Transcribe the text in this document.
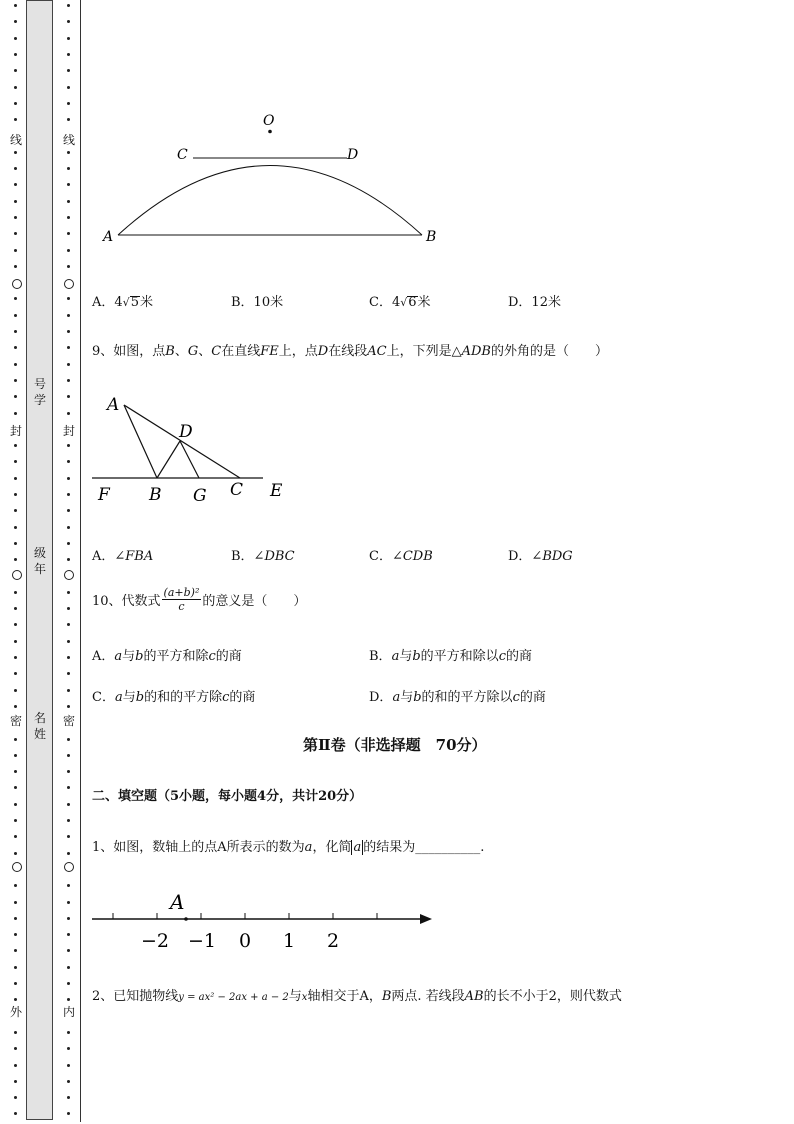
线
封
密
外
线
封
密
内
号学
级年
名姓
O
C	D
A	B
A．4√5米	B．10米	C．4√6米	D．12米
9、如图，点B、G、C在直线FE上，点D在线段AC上，下列是△ADB的外角的是（　　）
A
D
F B G C E
A．∠FBA	B．∠DBC	C．∠CDB	D．∠BDG
10、代数式 $\frac{\text{(a+b)²}}{c}$ 的意义是（　　）
A．a与b的平方和除c的商	B．a与b的平方和除以c的商
C．a与b的和的平方除c的商	D．a与b的和的平方除以c的商
第Ⅱ卷（非选择题　70分）
二、填空题（5小题，每小题4分，共计20分）
1、如图，数轴上的点A所表示的数为a，化简 a 的结果为__________.
A
−2 −1 0 1 2
2、已知抛物线y = ax² − 2ax + a − 2与x轴相交于A，B两点. 若线段AB的长不小于2，则代数式
